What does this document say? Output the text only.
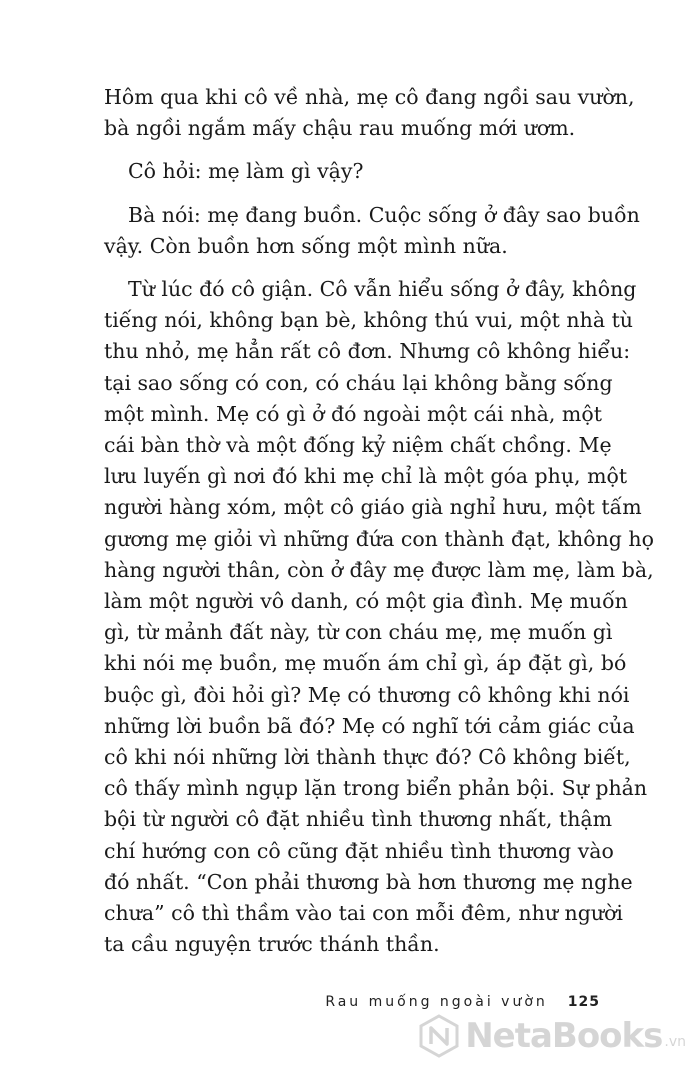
Hôm qua khi cô về nhà, mẹ cô đang ngồi sau vườn,
bà ngồi ngắm mấy chậu rau muống mới ươm.

Cô hỏi: mẹ làm gì vậy?

Bà nói: mẹ đang buồn. Cuộc sống ở đây sao buồn
vậy. Còn buồn hơn sống một mình nữa.

Từ lúc đó cô giận. Cô vẫn hiểu sống ở đây, không
tiếng nói, không bạn bè, không thú vui, một nhà tù
thu nhỏ, mẹ hẳn rất cô đơn. Nhưng cô không hiểu:
tại sao sống có con, có cháu lại không bằng sống
một mình. Mẹ có gì ở đó ngoài một cái nhà, một
cái bàn thờ và một đống kỷ niệm chất chồng. Mẹ
lưu luyến gì nơi đó khi mẹ chỉ là một góa phụ, một
người hàng xóm, một cô giáo già nghỉ hưu, một tấm
gương mẹ giỏi vì những đứa con thành đạt, không họ
hàng người thân, còn ở đây mẹ được làm mẹ, làm bà,
làm một người vô danh, có một gia đình. Mẹ muốn
gì, từ mảnh đất này, từ con cháu mẹ, mẹ muốn gì
khi nói mẹ buồn, mẹ muốn ám chỉ gì, áp đặt gì, bó
buộc gì, đòi hỏi gì? Mẹ có thương cô không khi nói
những lời buồn bã đó? Mẹ có nghĩ tới cảm giác của
cô khi nói những lời thành thực đó? Cô không biết,
cô thấy mình ngụp lặn trong biển phản bội. Sự phản
bội từ người cô đặt nhiều tình thương nhất, thậm
chí hướng con cô cũng đặt nhiều tình thương vào
đó nhất. “Con phải thương bà hơn thương mẹ nghe
chưa” cô thì thầm vào tai con mỗi đêm, như người
ta cầu nguyện trước thánh thần.

Rau muống ngoài vườn 125
NetaBooks .vn
